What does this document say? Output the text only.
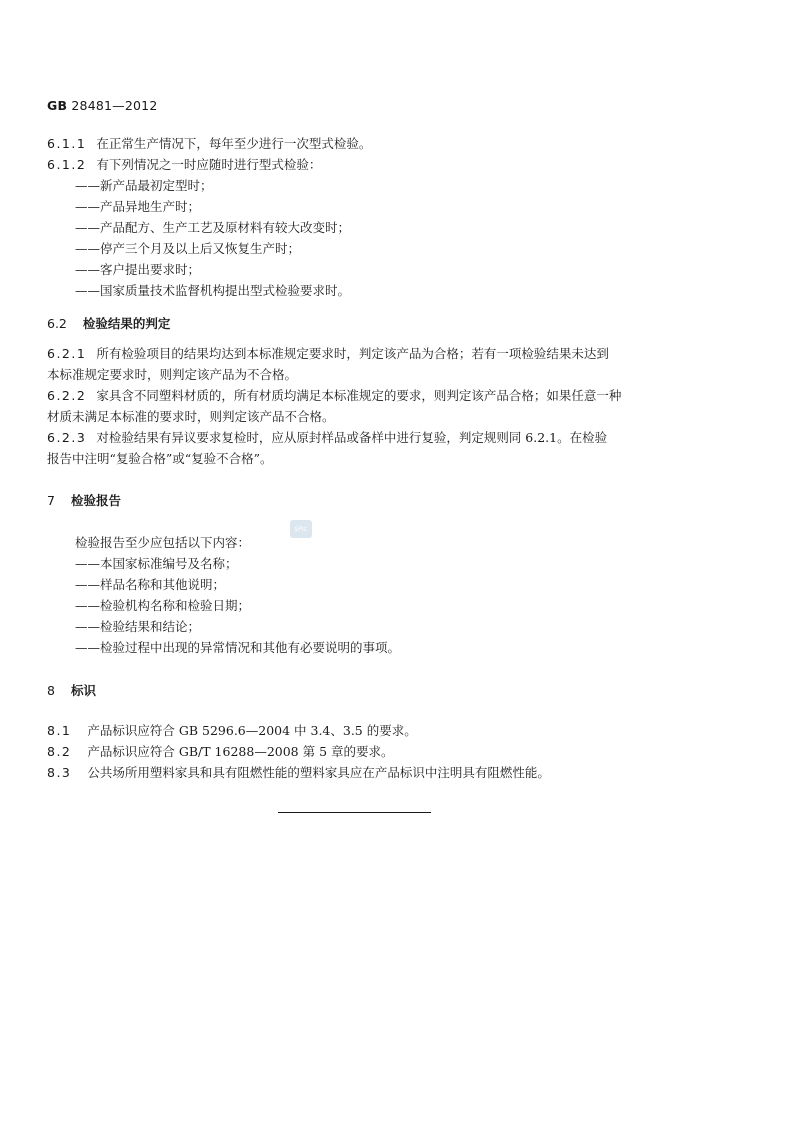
GB 28481—2012
6.1.1 在正常生产情况下，每年至少进行一次型式检验。
6.1.2 有下列情况之一时应随时进行型式检验：
——新产品最初定型时；
——产品异地生产时；
——产品配方、生产工艺及原材料有较大改变时；
——停产三个月及以上后又恢复生产时；
——客户提出要求时；
——国家质量技术监督机构提出型式检验要求时。
6.2 检验结果的判定
6.2.1 所有检验项目的结果均达到本标准规定要求时，判定该产品为合格；若有一项检验结果未达到
本标准规定要求时，则判定该产品为不合格。
6.2.2 家具含不同塑料材质的，所有材质均满足本标准规定的要求，则判定该产品合格；如果任意一种
材质未满足本标准的要求时，则判定该产品不合格。
6.2.3 对检验结果有异议要求复检时，应从原封样品或备样中进行复验，判定规则同 6.2.1。在检验
报告中注明“复验合格”或“复验不合格”。
7 检验报告
SPIC
检验报告至少应包括以下内容：
——本国家标准编号及名称；
——样品名称和其他说明；
——检验机构名称和检验日期；
——检验结果和结论；
——检验过程中出现的异常情况和其他有必要说明的事项。
8 标识
8.1 产品标识应符合 GB 5296.6—2004 中 3.4、3.5 的要求。
8.2 产品标识应符合 GB/T 16288—2008 第 5 章的要求。
8.3 公共场所用塑料家具和具有阻燃性能的塑料家具应在产品标识中注明具有阻燃性能。
